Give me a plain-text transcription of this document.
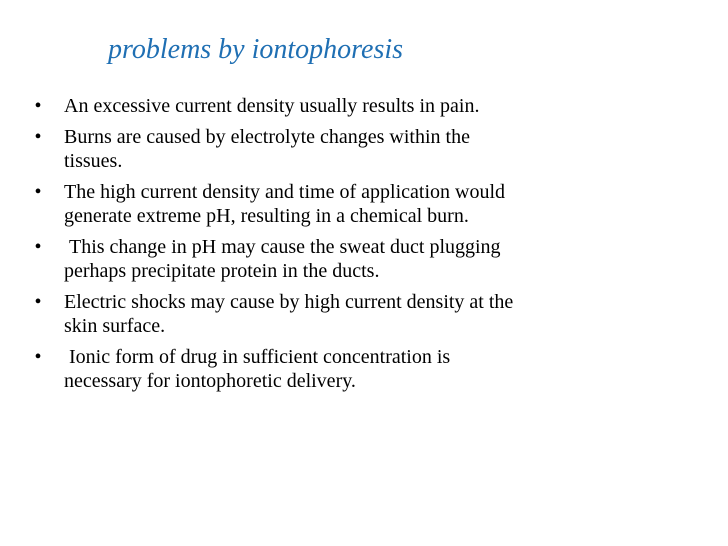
problems by iontophoresis
•	An excessive current density usually results in pain.
•	Burns are caused by electrolyte changes within the
tissues.
•	The high current density and time of application would
generate extreme pH, resulting in a chemical burn.
•	This change in pH may cause the sweat duct plugging
perhaps precipitate protein in the ducts.
•	Electric shocks may cause by high current density at the
skin surface.
•	Ionic form of drug in sufficient concentration is
necessary for iontophoretic delivery.
